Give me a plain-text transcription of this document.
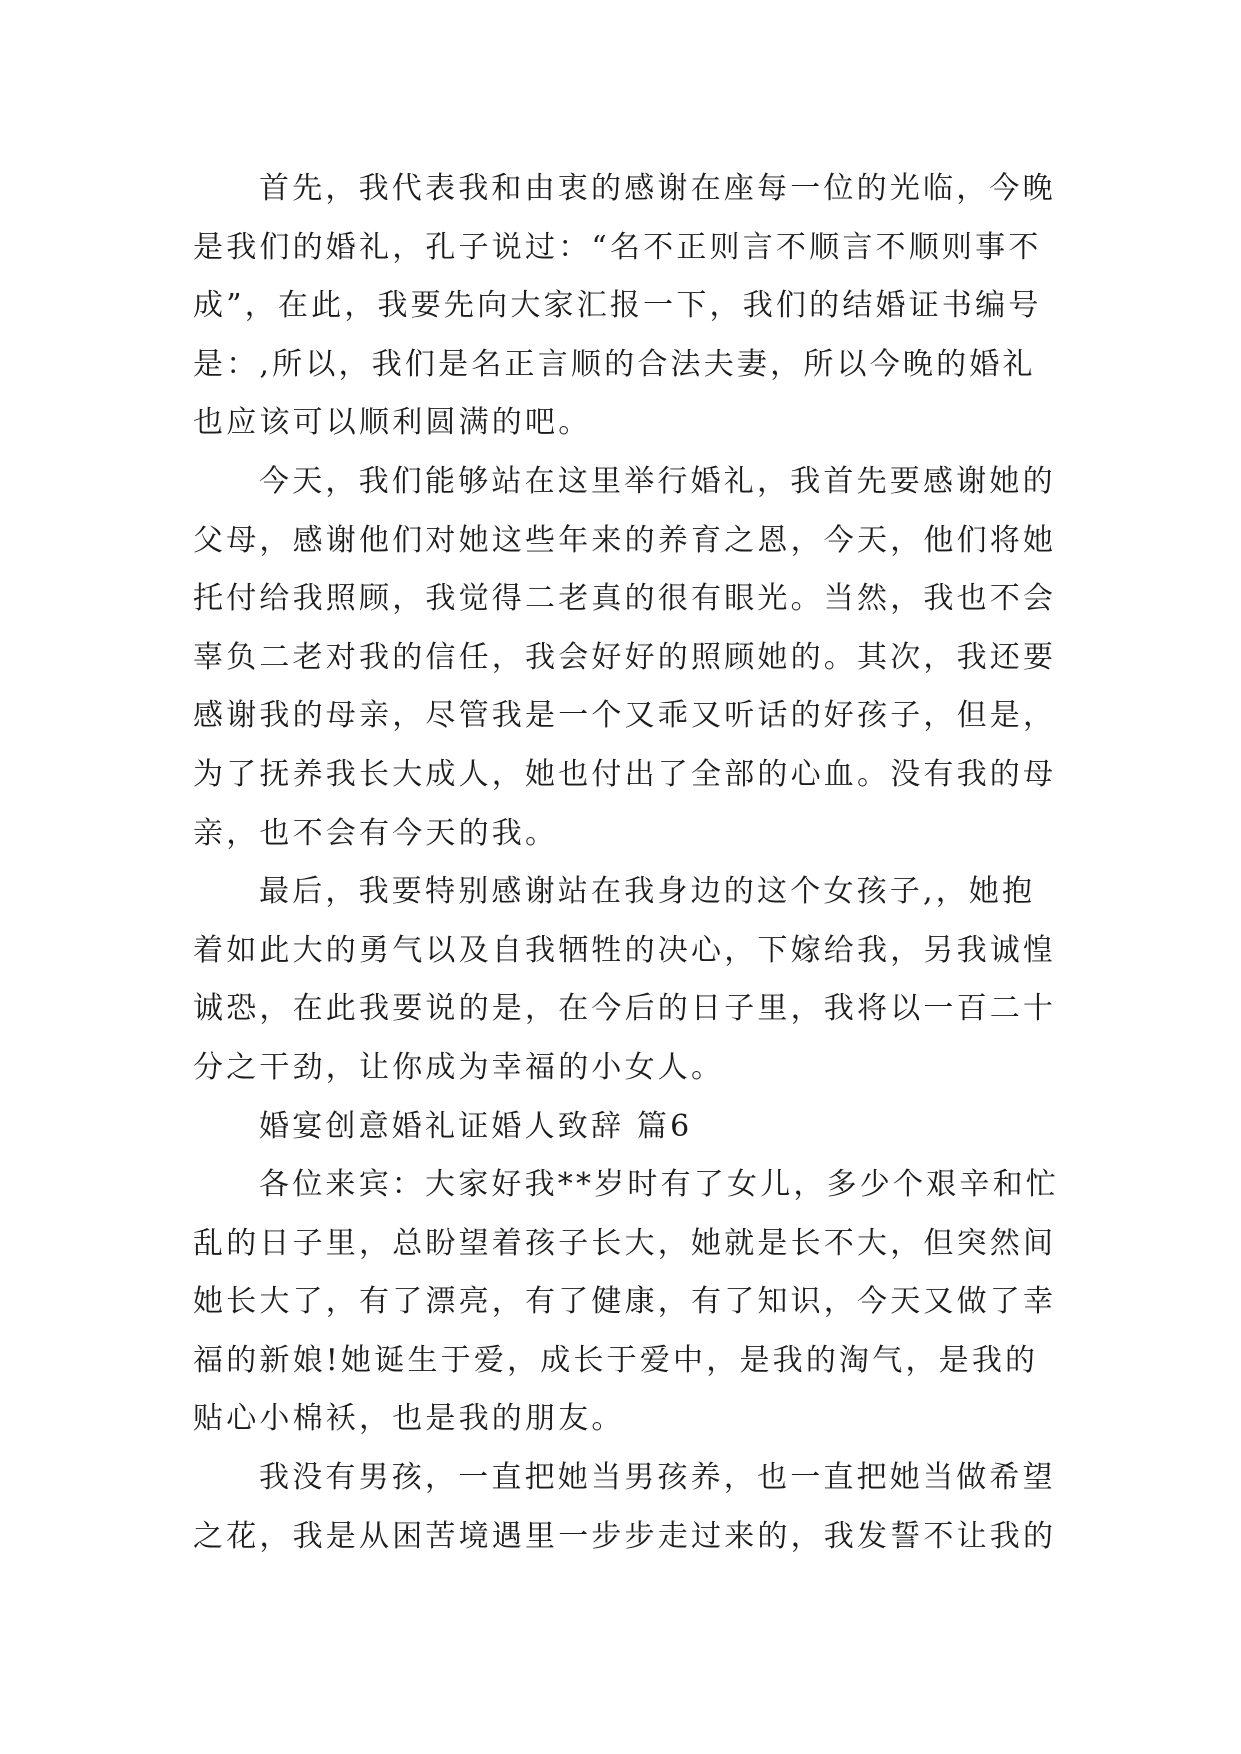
首先，我代表我和由衷的感谢在座每一位的光临，今晚
是我们的婚礼，孔子说过：“名不正则言不顺言不顺则事不
成”，在此，我要先向大家汇报一下，我们的结婚证书编号
是：,所以，我们是名正言顺的合法夫妻，所以今晚的婚礼
也应该可以顺利圆满的吧。
今天，我们能够站在这里举行婚礼，我首先要感谢她的
父母，感谢他们对她这些年来的养育之恩，今天，他们将她
托付给我照顾，我觉得二老真的很有眼光。当然，我也不会
辜负二老对我的信任，我会好好的照顾她的。其次，我还要
感谢我的母亲，尽管我是一个又乖又听话的好孩子，但是，
为了抚养我长大成人，她也付出了全部的心血。没有我的母
亲，也不会有今天的我。
最后，我要特别感谢站在我身边的这个女孩子,，她抱
着如此大的勇气以及自我牺牲的决心，下嫁给我，另我诚惶
诚恐，在此我要说的是，在今后的日子里，我将以一百二十
分之干劲，让你成为幸福的小女人。
婚宴创意婚礼证婚人致辞 篇6
各位来宾：大家好我**岁时有了女儿，多少个艰辛和忙
乱的日子里，总盼望着孩子长大，她就是长不大，但突然间
她长大了，有了漂亮，有了健康，有了知识，今天又做了幸
福的新娘!她诞生于爱，成长于爱中，是我的淘气，是我的
贴心小棉袄，也是我的朋友。
我没有男孩，一直把她当男孩养，也一直把她当做希望
之花，我是从困苦境遇里一步步走过来的，我发誓不让我的
